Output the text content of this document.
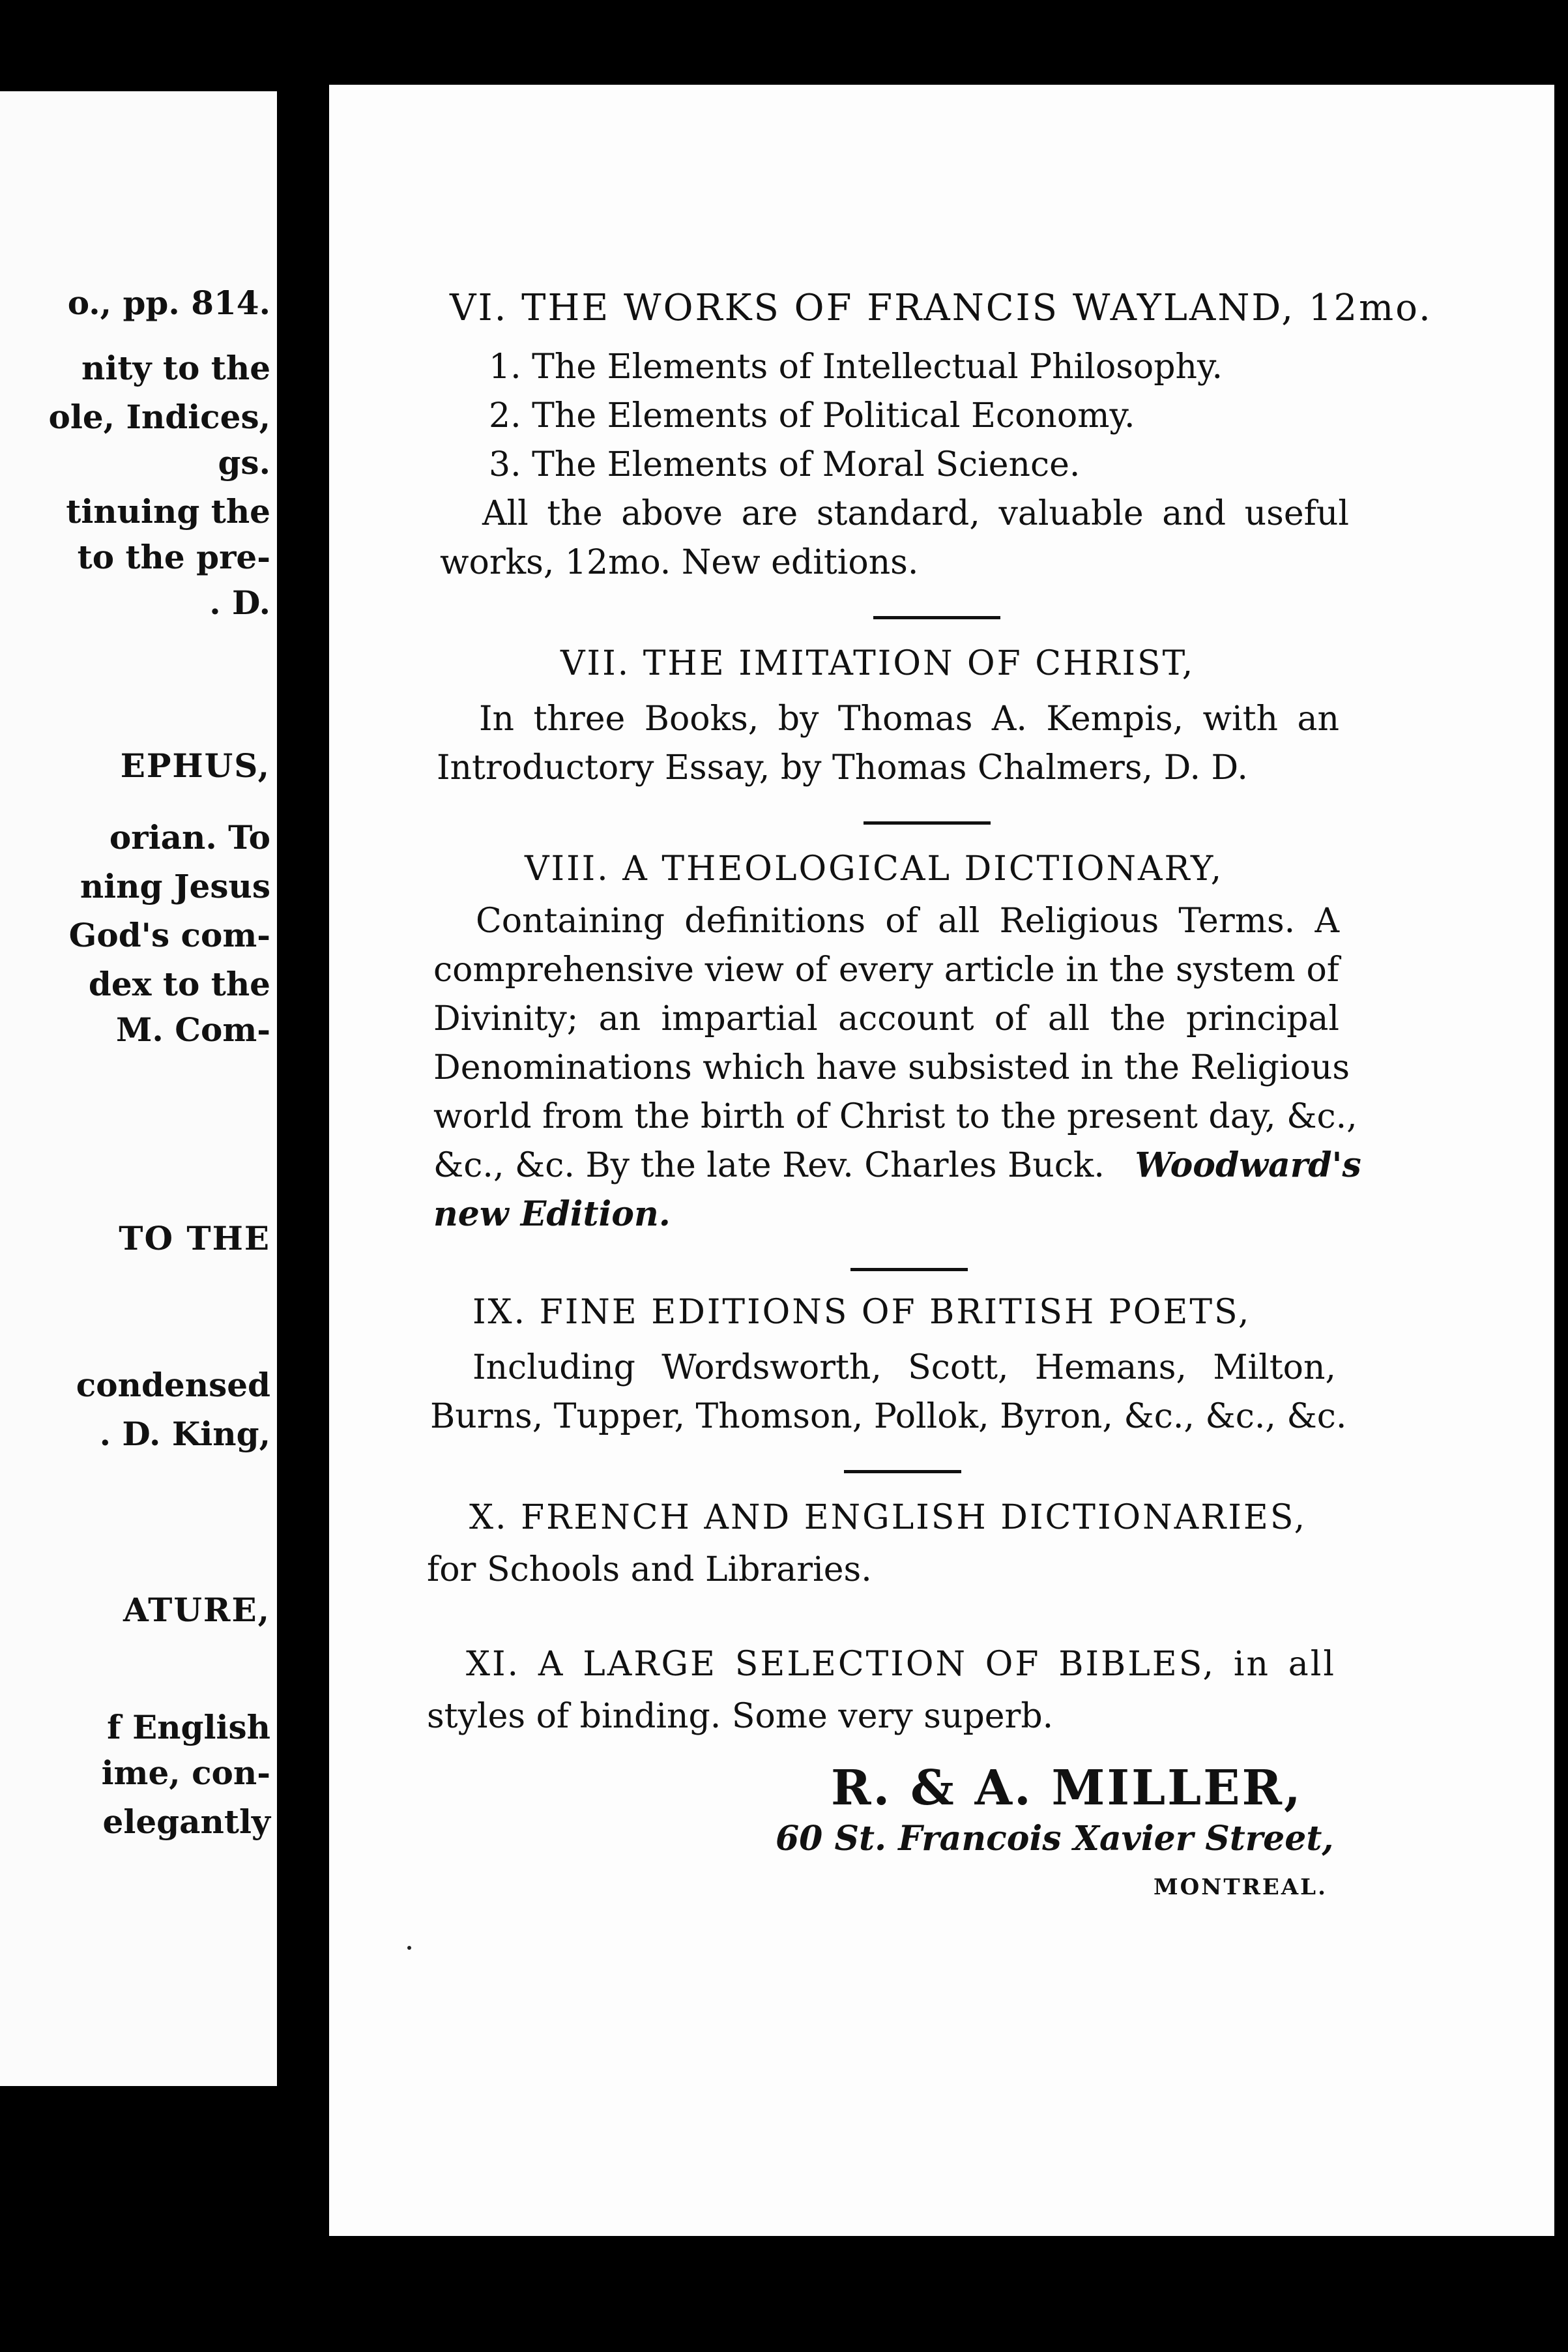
o., pp. 814.
nity to the
ole, Indices,
gs.
tinuing the
to the pre-
. D.
EPHUS,
orian. To
ning Jesus
God's com-
dex to the
M. Com-
TO THE
condensed
. D. King,
ATURE,
f English
ime, con-
elegantly
VI. THE WORKS OF FRANCIS WAYLAND, 12mo.
1. The Elements of Intellectual Philosophy.
2. The Elements of Political Economy.
3. The Elements of Moral Science.
All the above are standard, valuable and useful
works, 12mo. New editions.
VII. THE IMITATION OF CHRIST,
In three Books, by Thomas A. Kempis, with an
Introductory Essay, by Thomas Chalmers, D. D.
VIII. A THEOLOGICAL DICTIONARY,
Containing definitions of all Religious Terms. A
comprehensive view of every article in the system of
Divinity; an impartial account of all the principal
Denominations which have subsisted in the Religious
world from the birth of Christ to the present day, &c.,
&c., &c. By the late Rev. Charles Buck. Woodward's
new Edition.
IX. FINE EDITIONS OF BRITISH POETS,
Including Wordsworth, Scott, Hemans, Milton,
Burns, Tupper, Thomson, Pollok, Byron, &c., &c., &c.
X. FRENCH AND ENGLISH DICTIONARIES,
for Schools and Libraries.
XI. A LARGE SELECTION OF BIBLES, in all
styles of binding. Some very superb.
R. & A. MILLER,
60 St. Francois Xavier Street,
MONTREAL.
